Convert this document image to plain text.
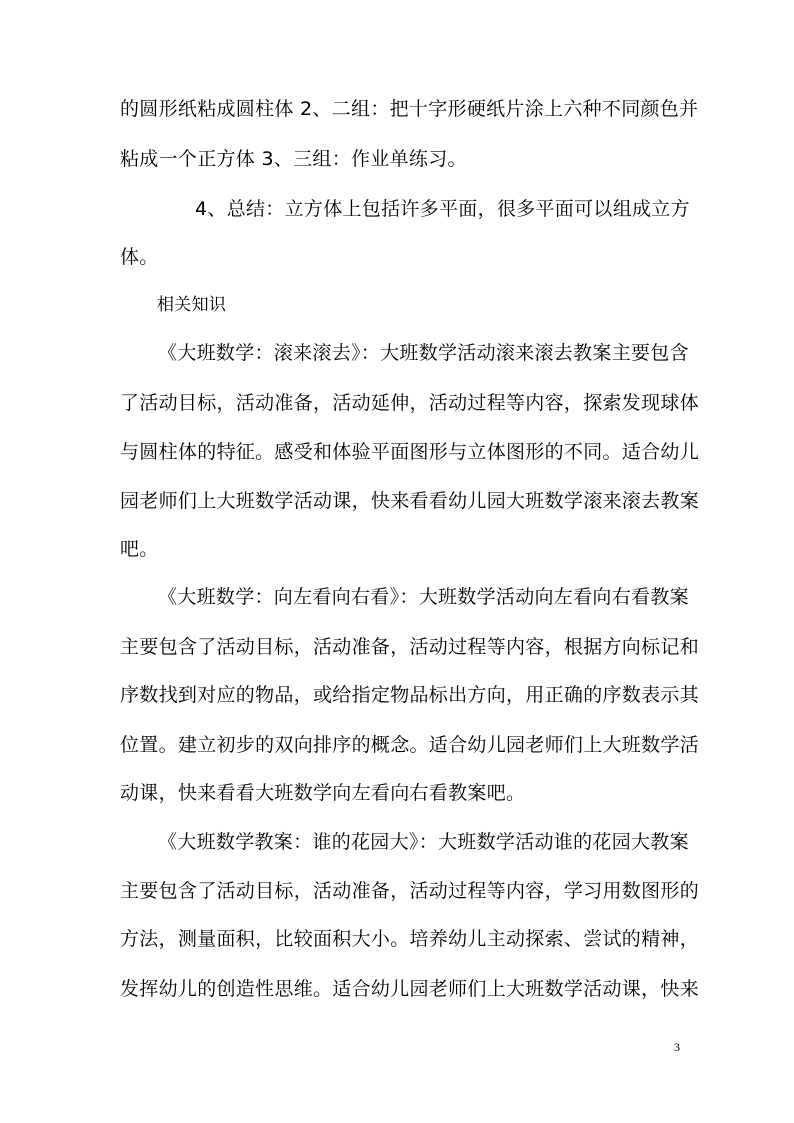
的圆形纸粘成圆柱体 2、二组：把十字形硬纸片涂上六种不同颜色并
粘成一个正方体 3、三组：作业单练习。
4、总结：立方体上包括许多平面，很多平面可以组成立方
体。
相关知识
《大班数学：滚来滚去》：大班数学活动滚来滚去教案主要包含
了活动目标，活动准备，活动延伸，活动过程等内容，探索发现球体
与圆柱体的特征。感受和体验平面图形与立体图形的不同。适合幼儿
园老师们上大班数学活动课，快来看看幼儿园大班数学滚来滚去教案
吧。
《大班数学：向左看向右看》：大班数学活动向左看向右看教案
主要包含了活动目标，活动准备，活动过程等内容，根据方向标记和
序数找到对应的物品，或给指定物品标出方向，用正确的序数表示其
位置。建立初步的双向排序的概念。适合幼儿园老师们上大班数学活
动课，快来看看大班数学向左看向右看教案吧。
《大班数学教案：谁的花园大》：大班数学活动谁的花园大教案
主要包含了活动目标，活动准备，活动过程等内容，学习用数图形的
方法，测量面积，比较面积大小。培养幼儿主动探索、尝试的精神，
发挥幼儿的创造性思维。适合幼儿园老师们上大班数学活动课，快来
3
